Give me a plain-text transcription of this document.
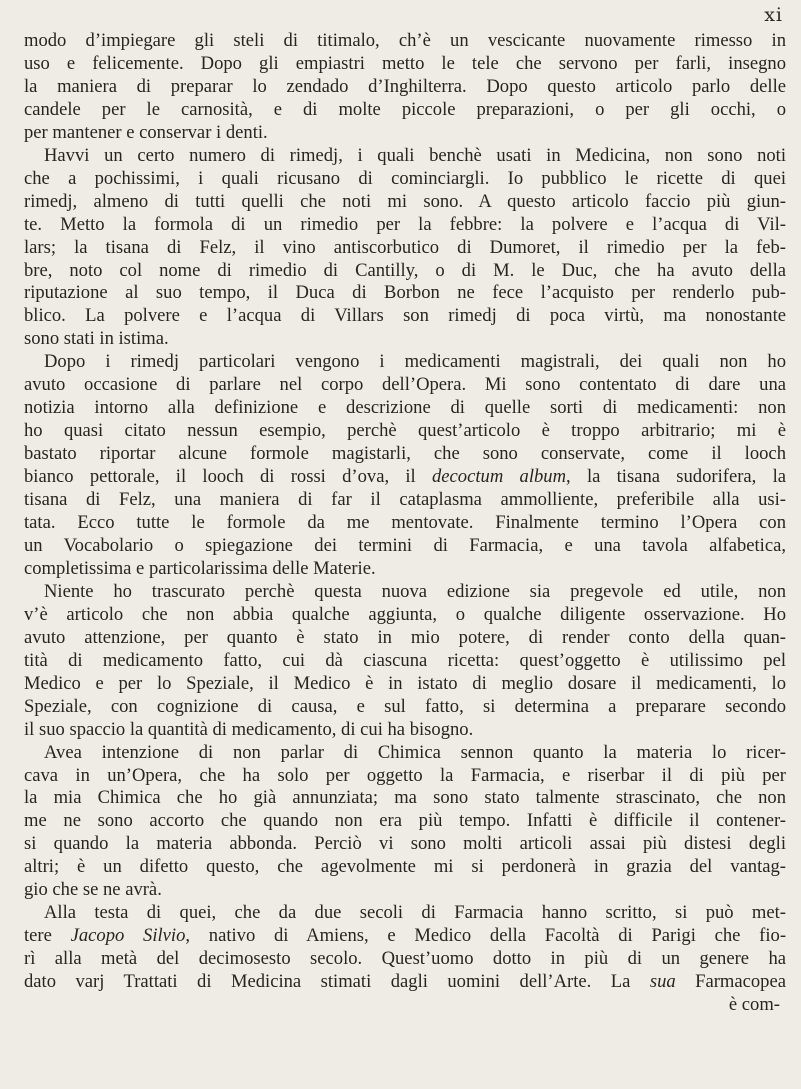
xi
modo d’impiegare gli steli di titimalo, ch’è un vescicante nuovamente rimesso in
uso e felicemente. Dopo gli empiastri metto le tele che servono per farli, insegno
la maniera di preparar lo zendado d’Inghilterra. Dopo questo articolo parlo delle
candele per le carnosità, e di molte piccole preparazioni, o per gli occhi, o
per mantener e conservar i denti.
Havvi un certo numero di rimedj, i quali benchè usati in Medicina, non sono noti
che a pochissimi, i quali ricusano di cominciargli. Io pubblico le ricette di quei
rimedj, almeno di tutti quelli che noti mi sono. A questo articolo faccio più giun-
te. Metto la formola di un rimedio per la febbre: la polvere e l’acqua di Vil-
lars; la tisana di Felz, il vino antiscorbutico di Dumoret, il rimedio per la feb-
bre, noto col nome di rimedio di Cantilly, o di M. le Duc, che ha avuto della
riputazione al suo tempo, il Duca di Borbon ne fece l’acquisto per renderlo pub-
blico. La polvere e l’acqua di Villars son rimedj di poca virtù, ma nonostante
sono stati in istima.
Dopo i rimedj particolari vengono i medicamenti magistrali, dei quali non ho
avuto occasione di parlare nel corpo dell’Opera. Mi sono contentato di dare una
notizia intorno alla definizione e descrizione di quelle sorti di medicamenti: non
ho quasi citato nessun esempio, perchè quest’articolo è troppo arbitrario; mi è
bastato riportar alcune formole magistarli, che sono conservate, come il looch
bianco pettorale, il looch di rossi d’ova, il decoctum album, la tisana sudorifera, la
tisana di Felz, una maniera di far il cataplasma ammolliente, preferibile alla usi-
tata. Ecco tutte le formole da me mentovate. Finalmente termino l’Opera con
un Vocabolario o spiegazione dei termini di Farmacia, e una tavola alfabetica,
completissima e particolarissima delle Materie.
Niente ho trascurato perchè questa nuova edizione sia pregevole ed utile, non
v’è articolo che non abbia qualche aggiunta, o qualche diligente osservazione. Ho
avuto attenzione, per quanto è stato in mio potere, di render conto della quan-
tità di medicamento fatto, cui dà ciascuna ricetta: quest’oggetto è utilissimo pel
Medico e per lo Speziale, il Medico è in istato di meglio dosare il medicamenti, lo
Speziale, con cognizione di causa, e sul fatto, si determina a preparare secondo
il suo spaccio la quantità di medicamento, di cui ha bisogno.
Avea intenzione di non parlar di Chimica sennon quanto la materia lo ricer-
cava in un’Opera, che ha solo per oggetto la Farmacia, e riserbar il di più per
la mia Chimica che ho già annunziata; ma sono stato talmente strascinato, che non
me ne sono accorto che quando non era più tempo. Infatti è difficile il contener-
si quando la materia abbonda. Perciò vi sono molti articoli assai più distesi degli
altri; è un difetto questo, che agevolmente mi si perdonerà in grazia del vantag-
gio che se ne avrà.
Alla testa di quei, che da due secoli di Farmacia hanno scritto, si può met-
tere Jacopo Silvio, nativo di Amiens, e Medico della Facoltà di Parigi che fio-
rì alla metà del decimosesto secolo. Quest’uomo dotto in più di un genere ha
dato varj Trattati di Medicina stimati dagli uomini dell’Arte. La sua Farmacopea
è com-
